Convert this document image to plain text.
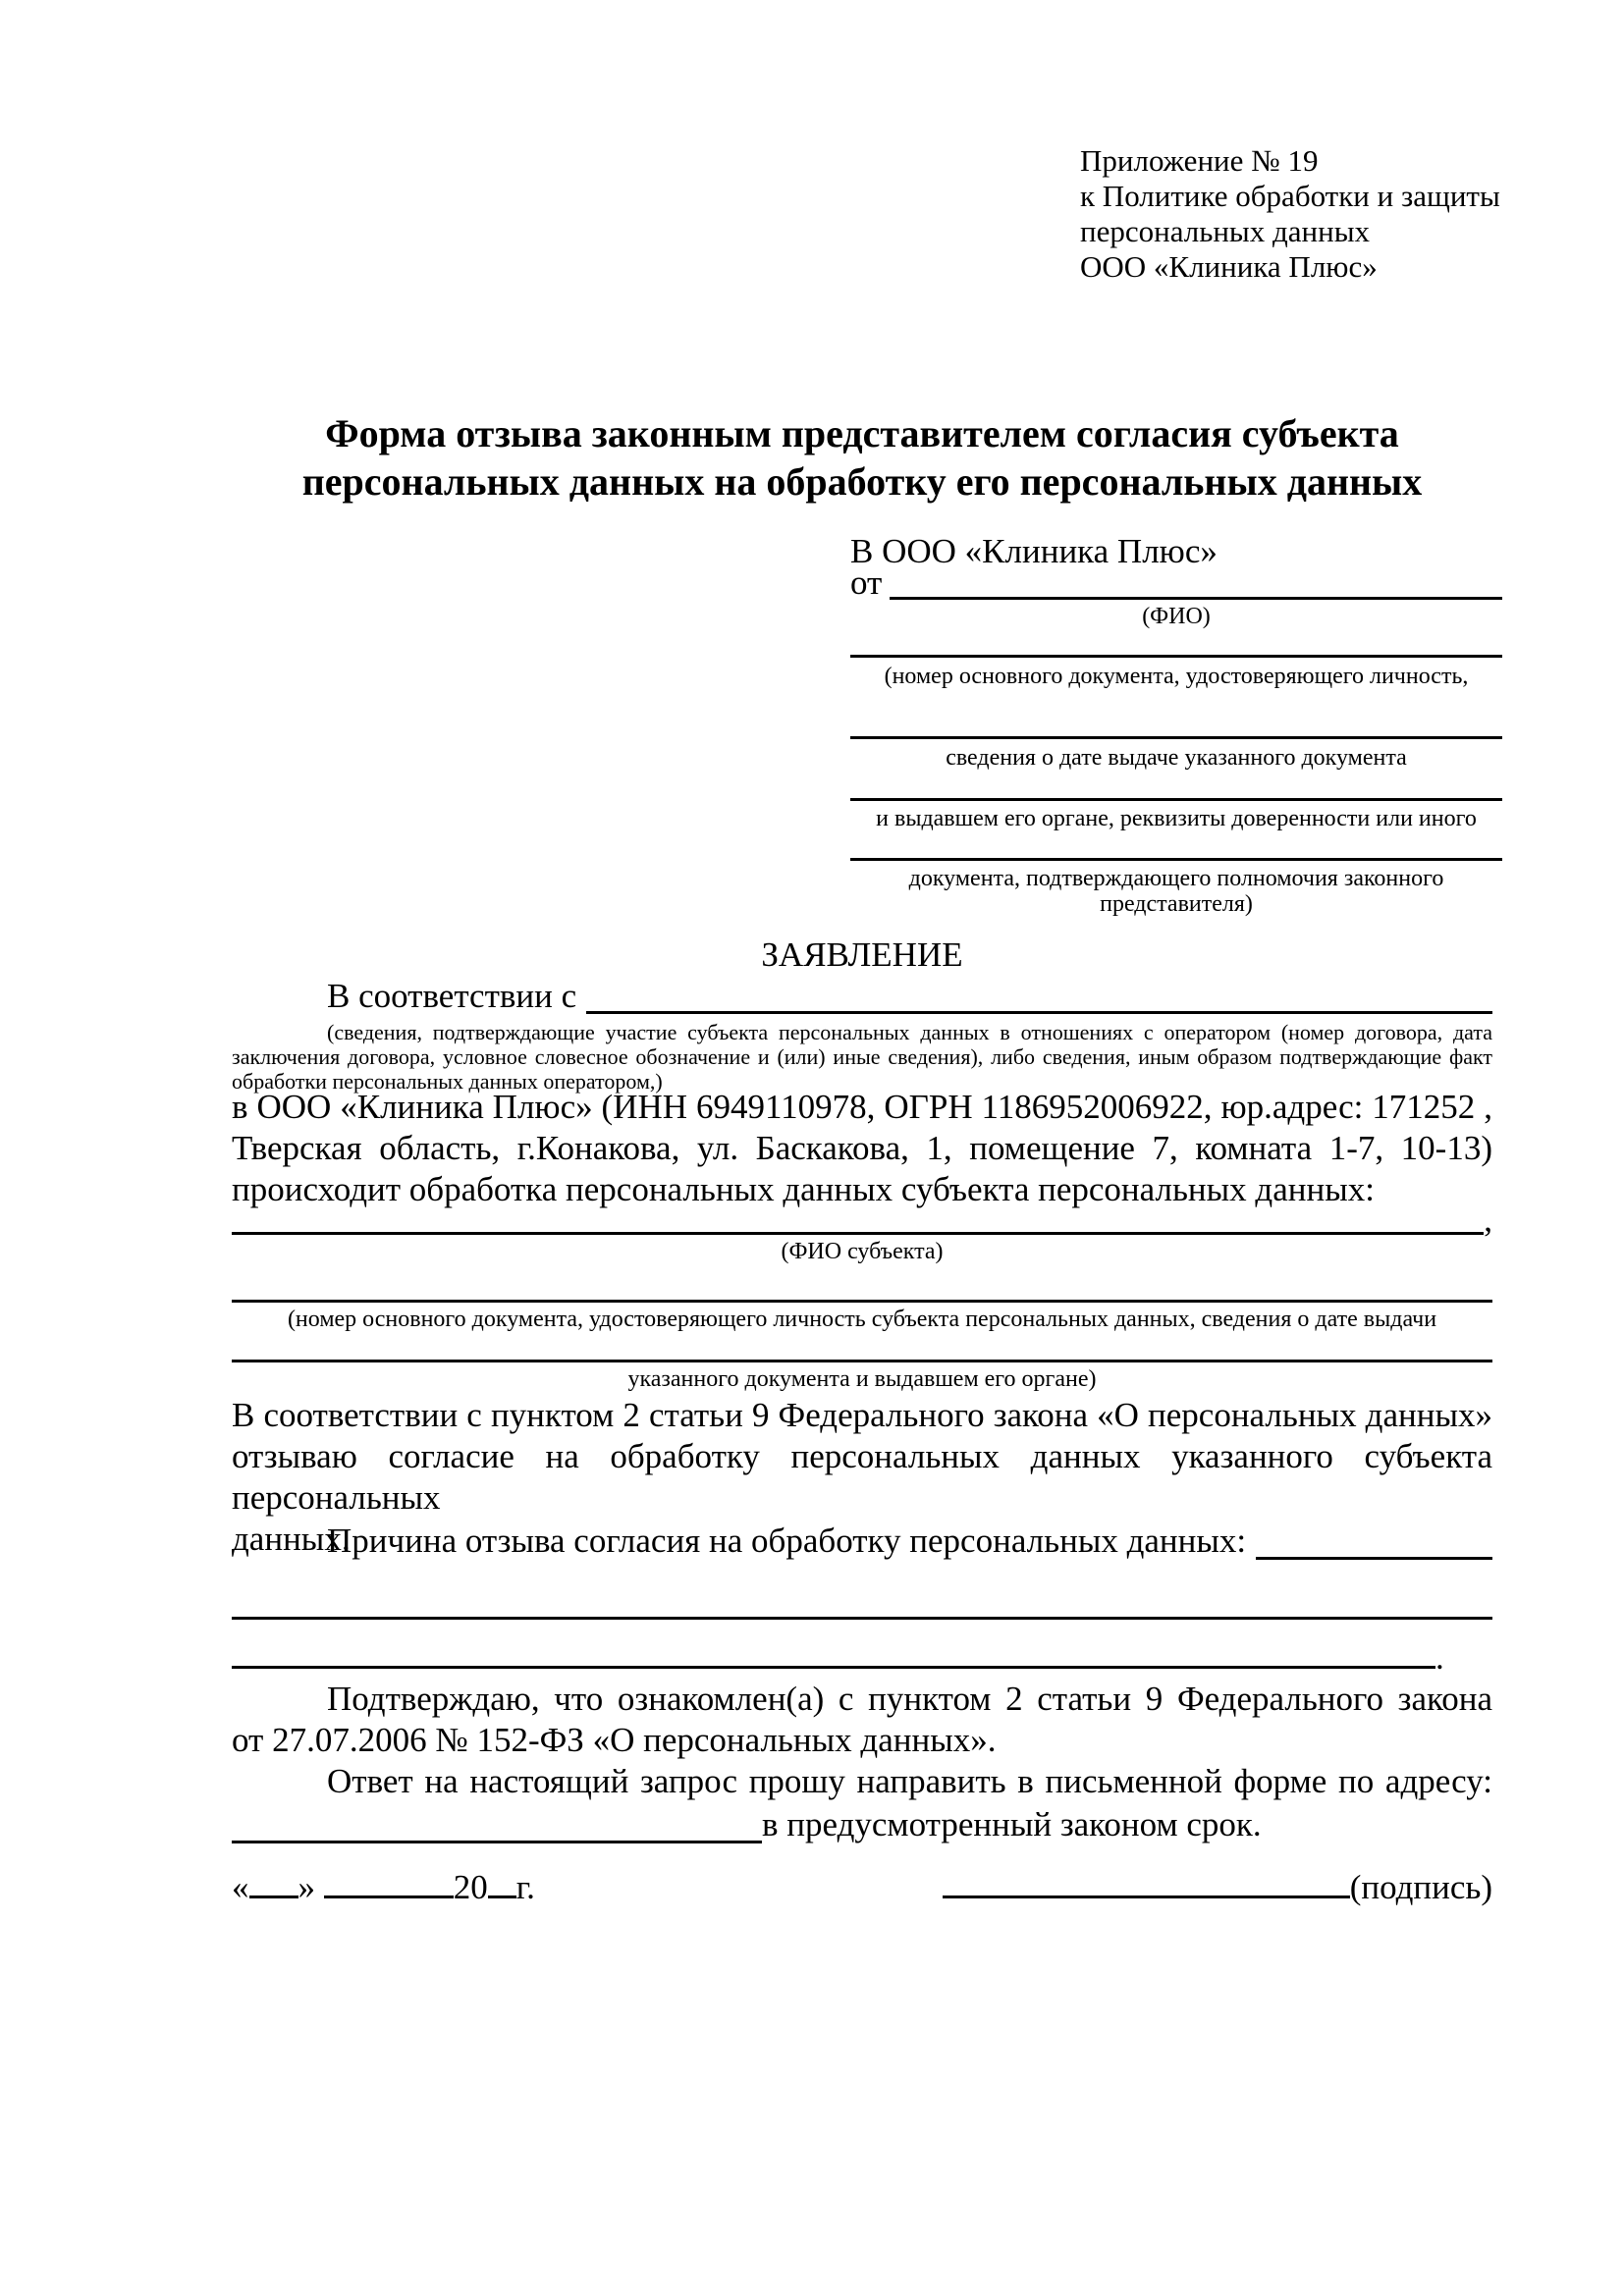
Приложение № 19
к Политике обработки и защиты
персональных данных
ООО «Клиника Плюс»
Форма отзыва законным представителем согласия субъекта
персональных данных на обработку его персональных данных
В ООО «Клиника Плюс»
от
(ФИО)
(номер основного документа, удостоверяющего личность,
сведения о дате выдаче указанного документа
и выдавшем его органе, реквизиты доверенности или иного
документа, подтверждающего полномочия законного представителя)
ЗАЯВЛЕНИЕ
В соответствии с
(сведения, подтверждающие участие субъекта персональных данных в отношениях с оператором (номер договора, дата
заключения договора, условное словесное обозначение и (или) иные сведения), либо сведения, иным образом подтверждающие факт
обработки персональных данных оператором,)
в ООО «Клиника Плюс» (ИНН 6949110978, ОГРН 1186952006922, юр.адрес: 171252 ,
Тверская область, г.Конакова, ул. Баскакова, 1, помещение 7, комната 1-7, 10-13)
происходит обработка персональных данных субъекта персональных данных:
,
(ФИО субъекта)
(номер основного документа, удостоверяющего личность субъекта персональных данных, сведения о дате выдачи
указанного документа и выдавшем его органе)
В соответствии с пунктом 2 статьи 9 Федерального закона «О персональных данных»
отзываю согласие на обработку персональных данных указанного субъекта персональных
данных.
Причина отзыва согласия на обработку персональных данных:
.
Подтверждаю, что ознакомлен(а) с пунктом 2 статьи 9 Федерального закона
от 27.07.2006 № 152-ФЗ «О персональных данных».
Ответ на настоящий запрос прошу направить в письменной форме по адресу:
в предусмотренный законом срок.
« »	20 г.	(подпись)
